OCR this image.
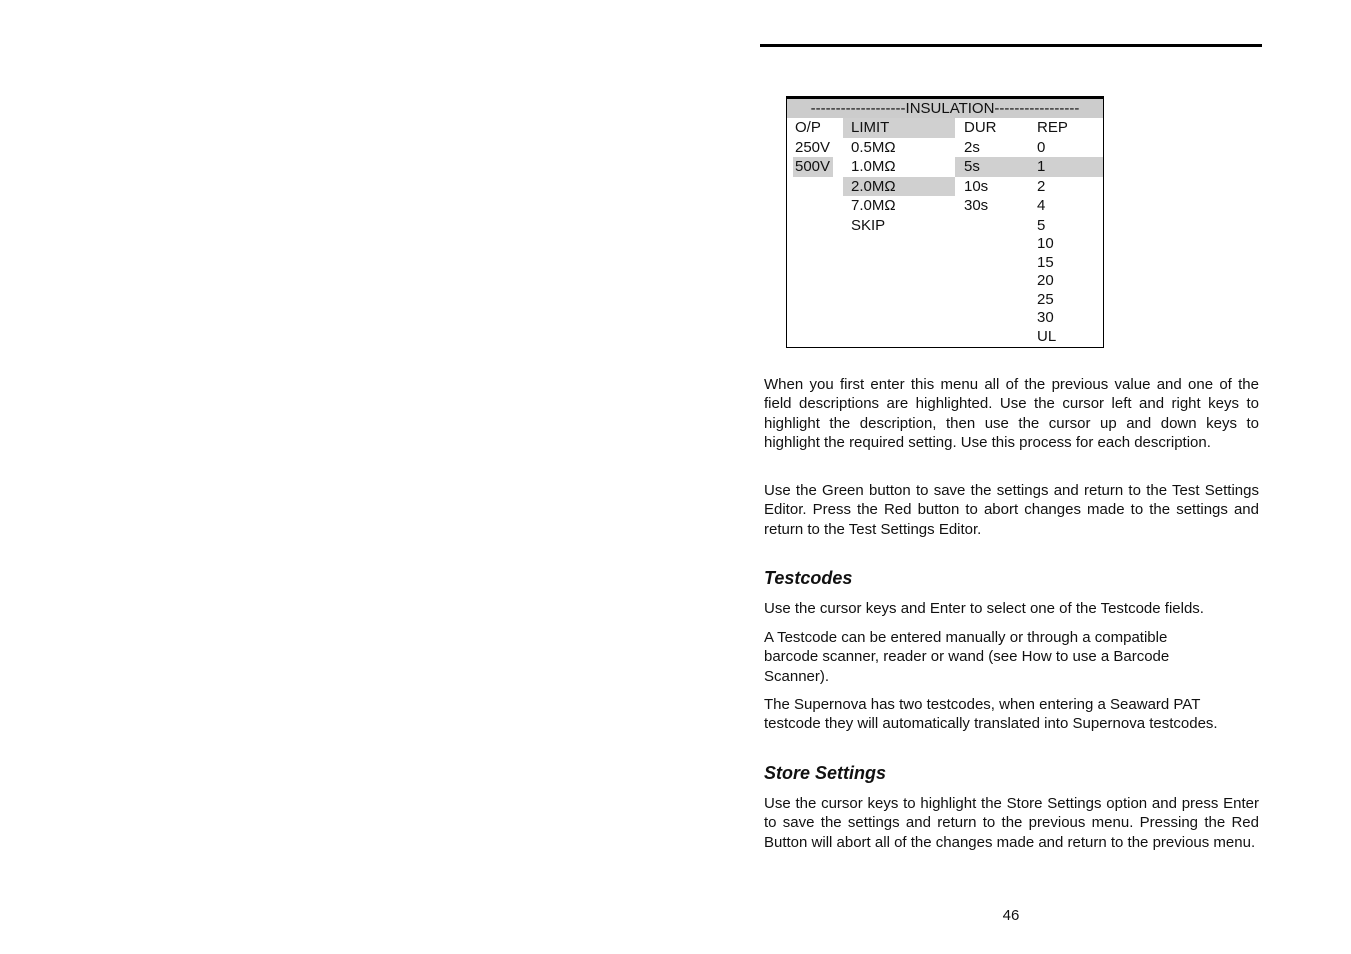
-------------------INSULATION-----------------
O/P
250V
500V
LIMIT
0.5MΩ
1.0MΩ
2.0MΩ
7.0MΩ
SKIP
DUR
2s
5s
10s
30s
REP
0
1
2
4
5
10
15
20
25
30
UL

When you first enter this menu all of the previous value and one of the field descriptions are highlighted. Use the cursor left and right keys to highlight the description, then use the cursor up and down keys to highlight the required setting. Use this process for each description.

Use the Green button to save the settings and return to the Test Settings Editor. Press the Red button to abort changes made to the settings and return to the Test Settings Editor.

Testcodes

Use the cursor keys and Enter to select one of the Testcode fields.

A Testcode can be entered manually or through a compatible barcode scanner, reader or wand (see How to use a Barcode Scanner).

The Supernova has two testcodes, when entering a Seaward PAT testcode they will automatically translated into Supernova testcodes.

Store Settings

Use the cursor keys to highlight the Store Settings option and press Enter to save the settings and return to the previous menu. Pressing the Red Button will abort all of the changes made and return to the previous menu.

46
